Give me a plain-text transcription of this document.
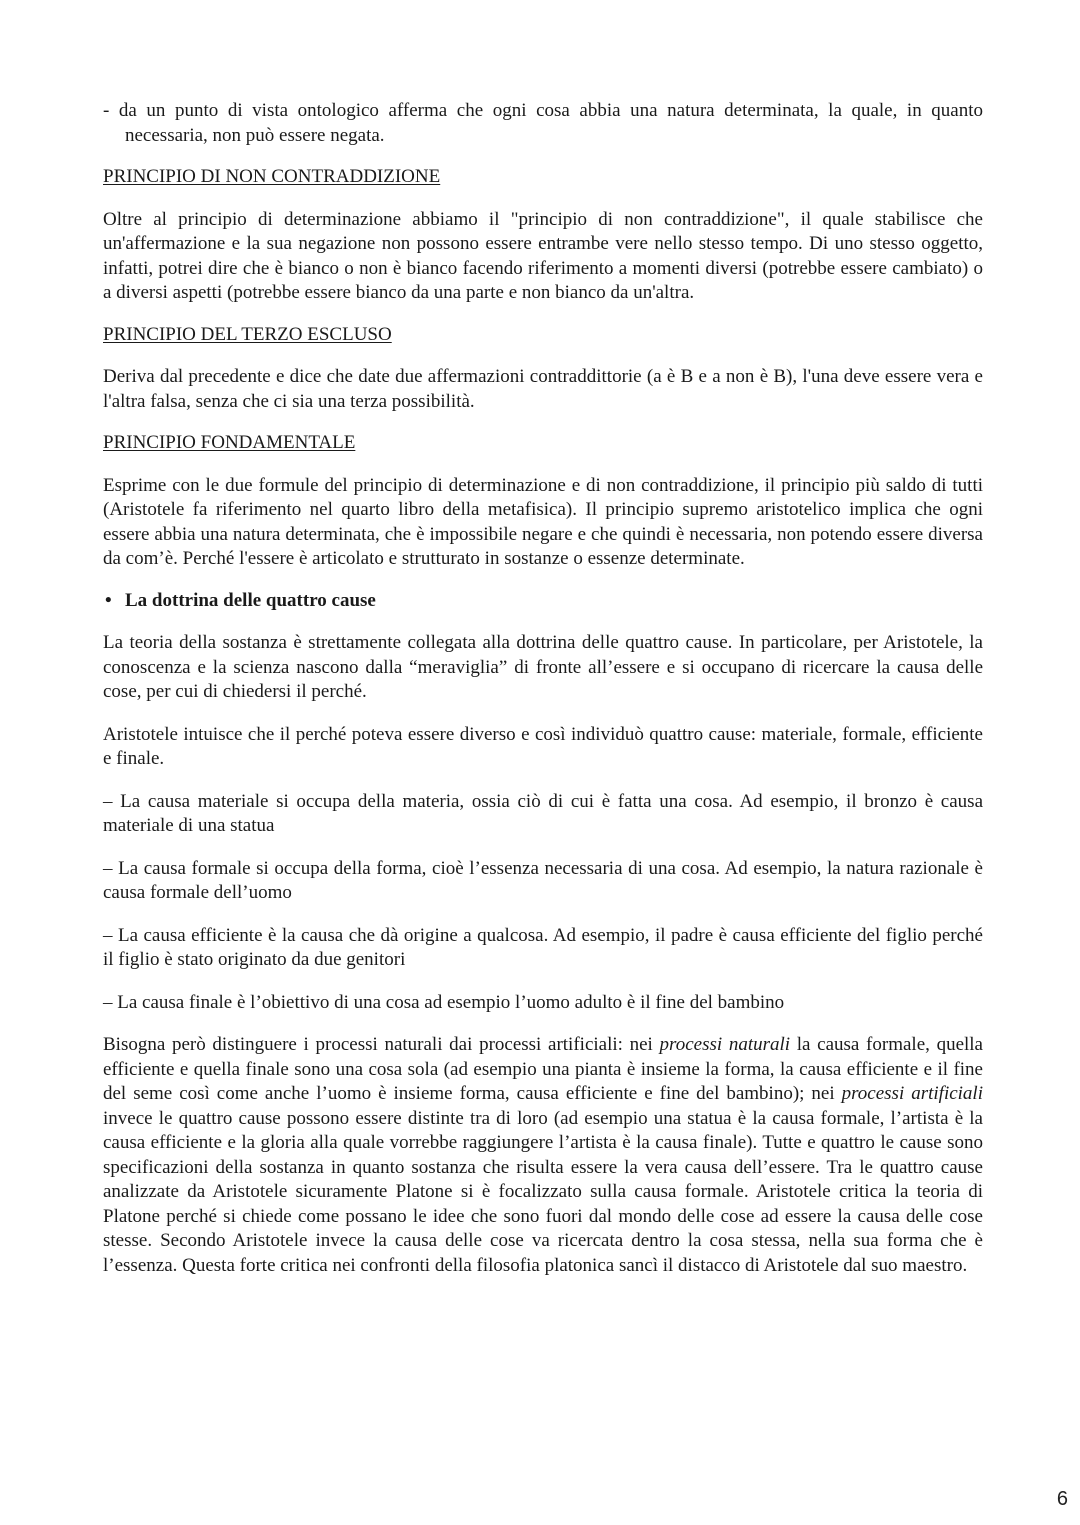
- da un punto di vista ontologico afferma che ogni cosa abbia una natura determinata, la quale, in quanto necessaria, non può essere negata.

PRINCIPIO DI NON CONTRADDIZIONE

Oltre al principio di determinazione abbiamo il "principio di non contraddizione", il quale stabilisce che un'affermazione e la sua negazione non possono essere entrambe vere nello stesso tempo. Di uno stesso oggetto, infatti, potrei dire che è bianco o non è bianco facendo riferimento a momenti diversi (potrebbe essere cambiato) o a diversi aspetti (potrebbe essere bianco da una parte e non bianco da un'altra.

PRINCIPIO DEL TERZO ESCLUSO

Deriva dal precedente e dice che date due affermazioni contraddittorie (a è B e a non è B), l'una deve essere vera e l'altra falsa, senza che ci sia una terza possibilità.

PRINCIPIO FONDAMENTALE

Esprime con le due formule del principio di determinazione e di non contraddizione, il principio più saldo di tutti (Aristotele fa riferimento nel quarto libro della metafisica). Il principio supremo aristotelico implica che ogni essere abbia una natura determinata, che è impossibile negare e che quindi è necessaria, non potendo essere diversa da com’è. Perché l'essere è articolato e strutturato in sostanze o essenze determinate.

• La dottrina delle quattro cause

La teoria della sostanza è strettamente collegata alla dottrina delle quattro cause. In particolare, per Aristotele, la conoscenza e la scienza nascono dalla “meraviglia” di fronte all’essere e si occupano di ricercare la causa delle cose, per cui di chiedersi il perché.

Aristotele intuisce che il perché poteva essere diverso e così individuò quattro cause: materiale, formale, efficiente e finale.

– La causa materiale si occupa della materia, ossia ciò di cui è fatta una cosa. Ad esempio, il bronzo è causa materiale di una statua

– La causa formale si occupa della forma, cioè l’essenza necessaria di una cosa. Ad esempio, la natura razionale è causa formale dell’uomo

– La causa efficiente è la causa che dà origine a qualcosa. Ad esempio, il padre è causa efficiente del figlio perché il figlio è stato originato da due genitori

– La causa finale è l’obiettivo di una cosa ad esempio l’uomo adulto è il fine del bambino

Bisogna però distinguere i processi naturali dai processi artificiali: nei processi naturali la causa formale, quella efficiente e quella finale sono una cosa sola (ad esempio una pianta è insieme la forma, la causa efficiente e il fine del seme così come anche l’uomo è insieme forma, causa efficiente e fine del bambino); nei processi artificiali invece le quattro cause possono essere distinte tra di loro (ad esempio una statua è la causa formale, l’artista è la causa efficiente e la gloria alla quale vorrebbe raggiungere l’artista è la causa finale). Tutte e quattro le cause sono specificazioni della sostanza in quanto sostanza che risulta essere la vera causa dell’essere. Tra le quattro cause analizzate da Aristotele sicuramente Platone si è focalizzato sulla causa formale. Aristotele critica la teoria di Platone perché si chiede come possano le idee che sono fuori dal mondo delle cose ad essere la causa delle cose stesse. Secondo Aristotele invece la causa delle cose va ricercata dentro la cosa stessa, nella sua forma che è l’essenza. Questa forte critica nei confronti della filosofia platonica sancì il distacco di Aristotele dal suo maestro.

6
